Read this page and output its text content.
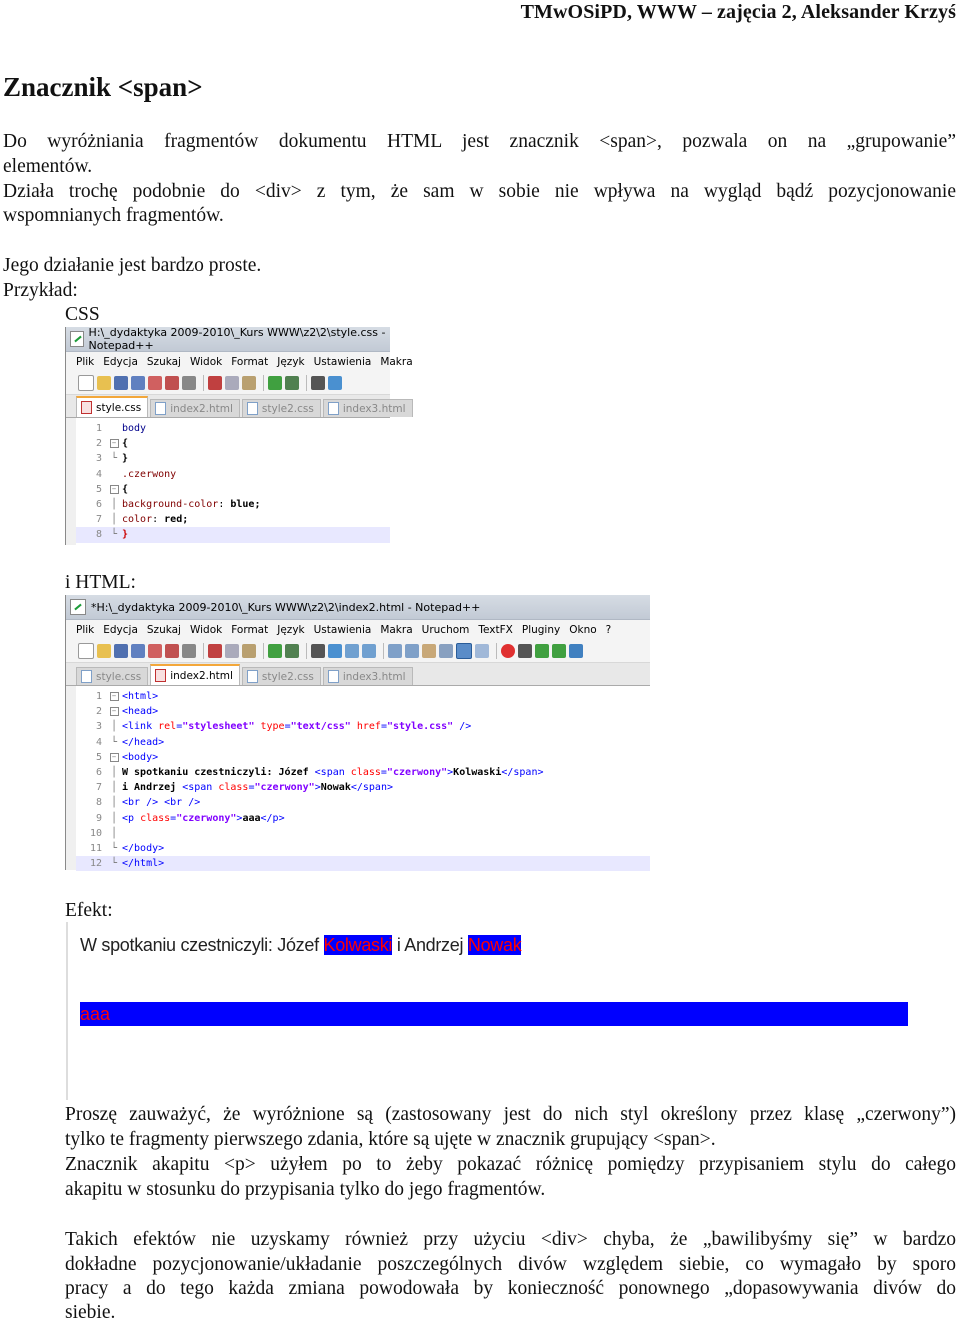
TMwOSiPD, WWW – zajęcia 2, Aleksander Krzyś
Znacznik <span>
Do wyróżniania fragmentów dokumentu HTML jest znacznik <span>, pozwala on na „grupowanie”
elementów.
Działa trochę podobnie do <div> z tym, że sam w sobie nie wpływa na wygląd bądź pozycjonowanie
wspomnianych fragmentów.
Jego działanie jest bardzo proste.
Przykład:
CSS
H:\_dydaktyka 2009-2010\_Kurs WWW\z2\2\style.css - Notepad++
Plik Edycja Szukaj Widok Format Język Ustawienia Makra
style.css	index2.html	style2.css	index3.html
1	body
2	− {
3 └ }
4	.czerwony
5	− {
6 │ background-color: blue;
7 │ color: red;
8 └ }
i HTML:
*H:\_dydaktyka 2009-2010\_Kurs WWW\z2\2\index2.html - Notepad++
Plik Edycja Szukaj Widok Format Język Ustawienia Makra Uruchom TextFX Pluginy Okno ?
style.css	index2.html	style2.css	index3.html
1	− <html>
2	− <head>
3 │ <link rel="stylesheet" type="text/css" href="style.css" />
4 └ </head>
5	− <body>
6 │ W spotkaniu czestniczyli: Józef <span class="czerwony">Kolwaski</span>
7 │ i Andrzej <span class="czerwony">Nowak</span>
8 │ <br /> <br />
9 │ <p class="czerwony">aaa</p>
10 │
11 └ </body>
12 └ </html>
Efekt:
W spotkaniu czestniczyli: Józef Kolwaski i Andrzej Nowak
aaa
Proszę zauważyć, że wyróżnione są (zastosowany jest do nich styl określony przez klasę „czerwony”)
tylko te fragmenty pierwszego zdania, które są ujęte w znacznik grupujący <span>.
Znacznik akapitu <p> użyłem po to żeby pokazać różnicę pomiędzy przypisaniem stylu do całego
akapitu w stosunku do przypisania tylko do jego fragmentów.
Takich efektów nie uzyskamy również przy użyciu <div> chyba, że „bawilibyśmy się” w bardzo
dokładne pozycjonowanie/układanie poszczególnych divów względem siebie, co wymagało by sporo
pracy a do tego każda zmiana powodowała by konieczność ponownego „dopasowywania divów do
siebie.
